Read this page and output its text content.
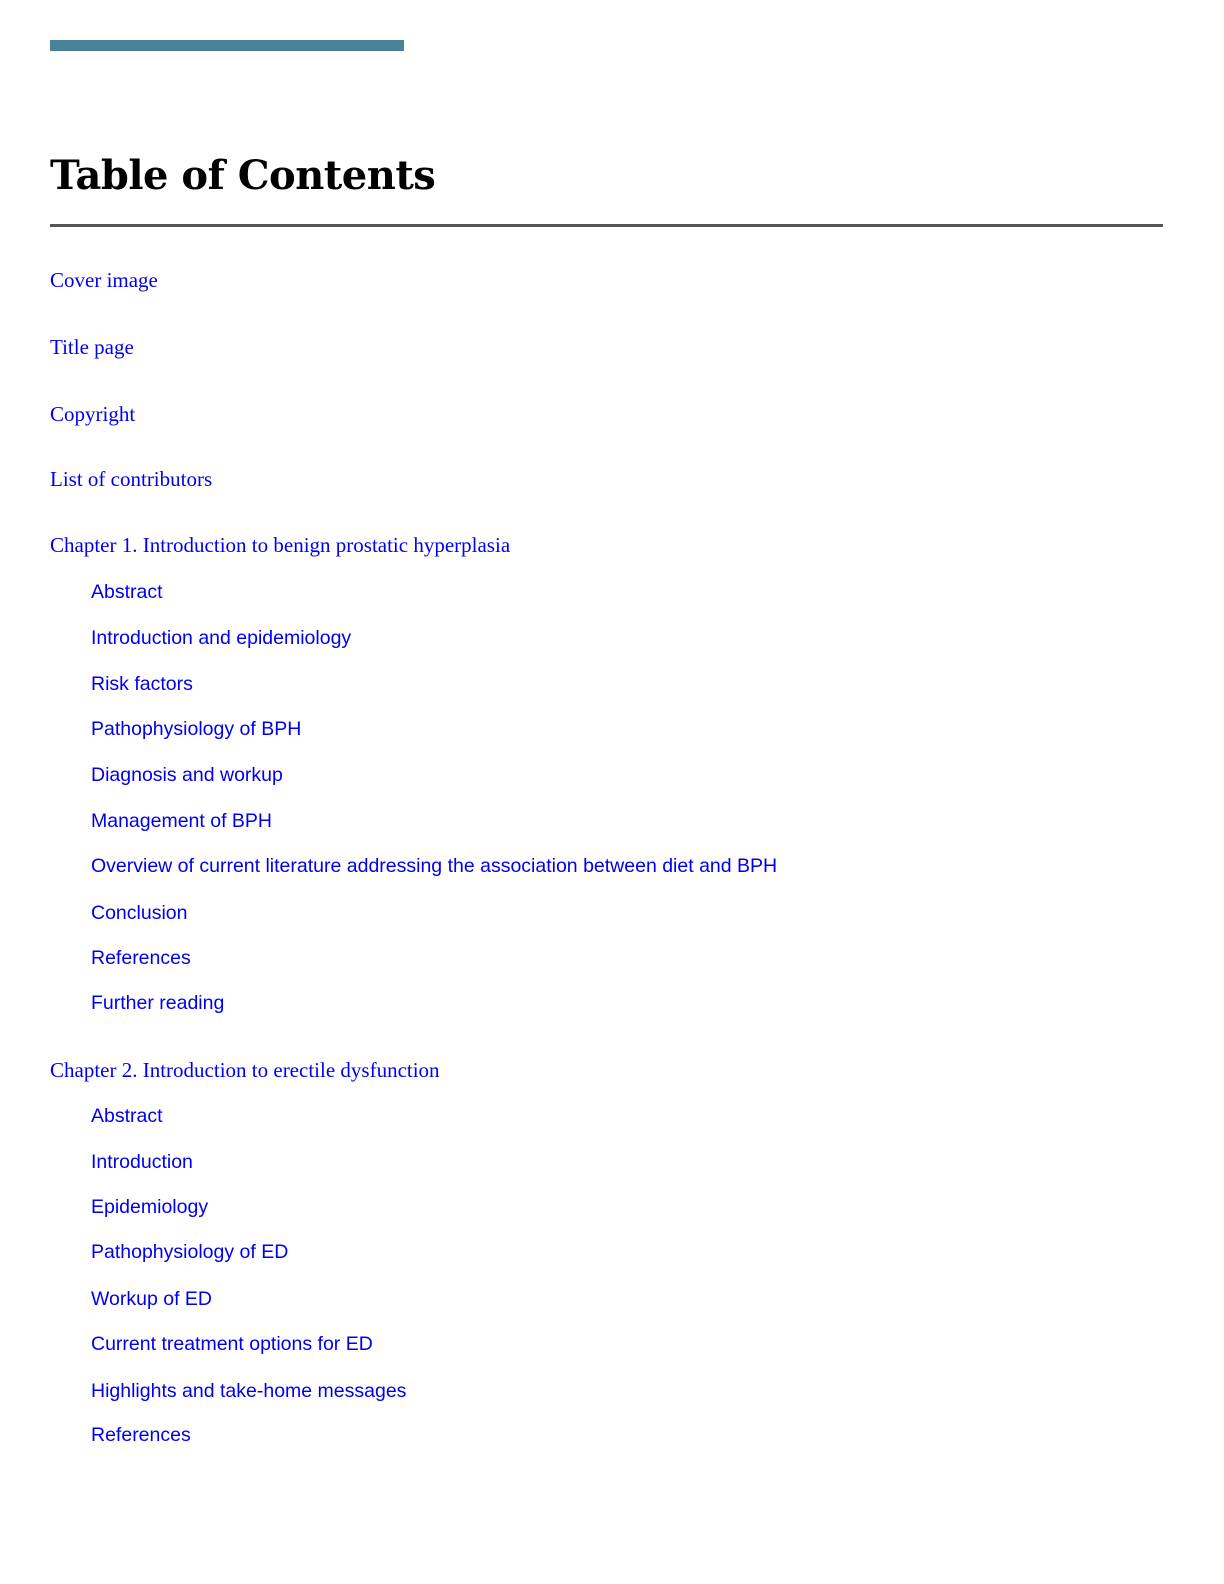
Table of Contents
Cover image
Title page
Copyright
List of contributors
Chapter 1. Introduction to benign prostatic hyperplasia
Abstract
Introduction and epidemiology
Risk factors
Pathophysiology of BPH
Diagnosis and workup
Management of BPH
Overview of current literature addressing the association between diet and BPH
Conclusion
References
Further reading
Chapter 2. Introduction to erectile dysfunction
Abstract
Introduction
Epidemiology
Pathophysiology of ED
Workup of ED
Current treatment options for ED
Highlights and take-home messages
References
